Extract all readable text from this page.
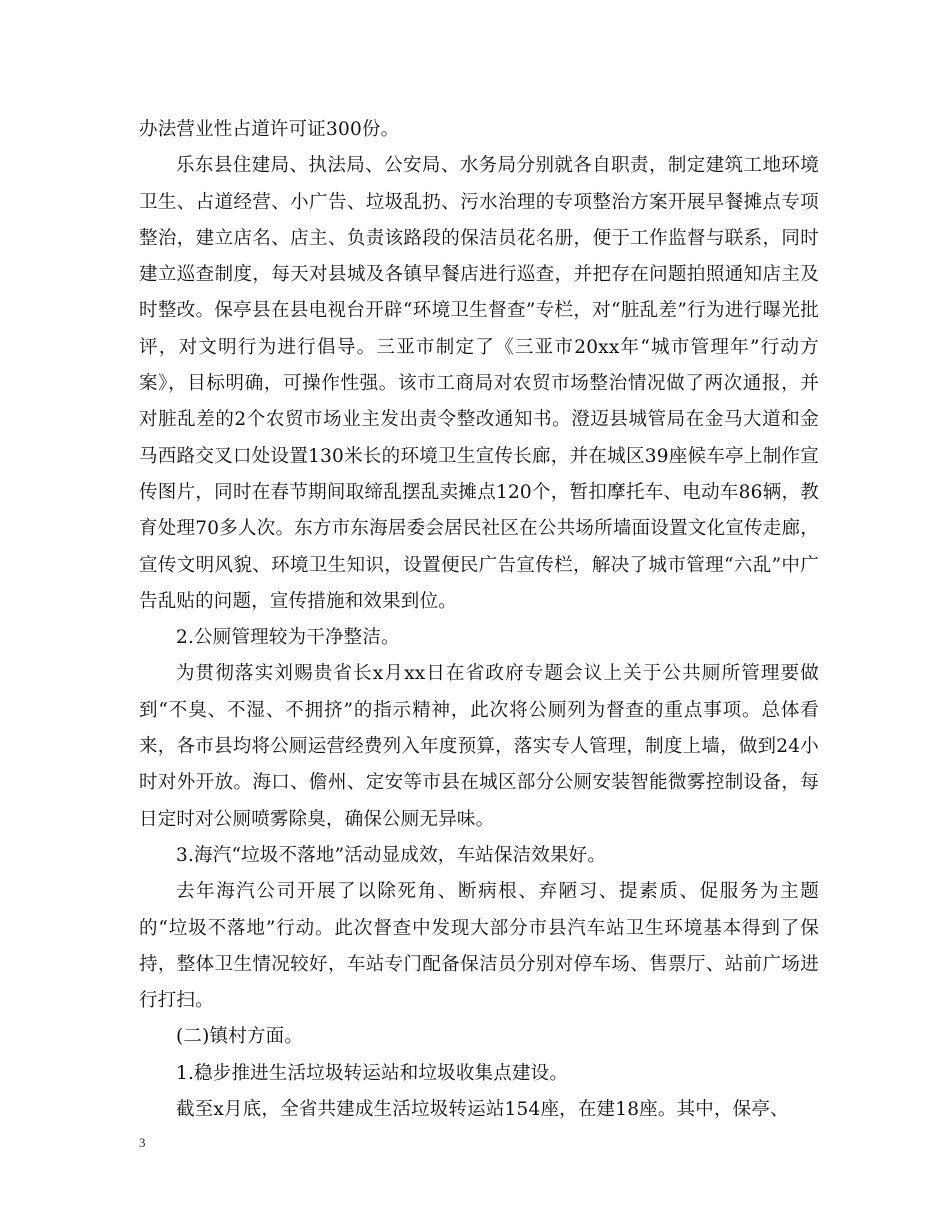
办法营业性占道许可证300份。

乐东县住建局、执法局、公安局、水务局分别就各自职责，制定建筑工地环境卫生、占道经营、小广告、垃圾乱扔、污水治理的专项整治方案开展早餐摊点专项整治，建立店名、店主、负责该路段的保洁员花名册，便于工作监督与联系，同时建立巡查制度，每天对县城及各镇早餐店进行巡查，并把存在问题拍照通知店主及时整改。保亭县在县电视台开辟“环境卫生督查”专栏，对“脏乱差”行为进行曝光批评，对文明行为进行倡导。三亚市制定了《三亚市20xx年“城市管理年”行动方案》，目标明确，可操作性强。该市工商局对农贸市场整治情况做了两次通报，并对脏乱差的2个农贸市场业主发出责令整改通知书。澄迈县城管局在金马大道和金马西路交叉口处设置130米长的环境卫生宣传长廊，并在城区39座候车亭上制作宣传图片，同时在春节期间取缔乱摆乱卖摊点120个，暂扣摩托车、电动车86辆，教育处理70多人次。东方市东海居委会居民社区在公共场所墙面设置文化宣传走廊，宣传文明风貌、环境卫生知识，设置便民广告宣传栏，解决了城市管理“六乱”中广告乱贴的问题，宣传措施和效果到位。

2.公厕管理较为干净整洁。

为贯彻落实刘赐贵省长x月xx日在省政府专题会议上关于公共厕所管理要做到“不臭、不湿、不拥挤”的指示精神，此次将公厕列为督查的重点事项。总体看来，各市县均将公厕运营经费列入年度预算，落实专人管理，制度上墙，做到24小时对外开放。海口、儋州、定安等市县在城区部分公厕安装智能微雾控制设备，每日定时对公厕喷雾除臭，确保公厕无异味。

3.海汽“垃圾不落地”活动显成效，车站保洁效果好。

去年海汽公司开展了以除死角、断病根、弃陋习、提素质、促服务为主题的“垃圾不落地”行动。此次督查中发现大部分市县汽车站卫生环境基本得到了保持，整体卫生情况较好，车站专门配备保洁员分别对停车场、售票厅、站前广场进行打扫。

(二)镇村方面。

1.稳步推进生活垃圾转运站和垃圾收集点建设。

截至x月底，全省共建成生活垃圾转运站154座，在建18座。其中，保亭、

3
